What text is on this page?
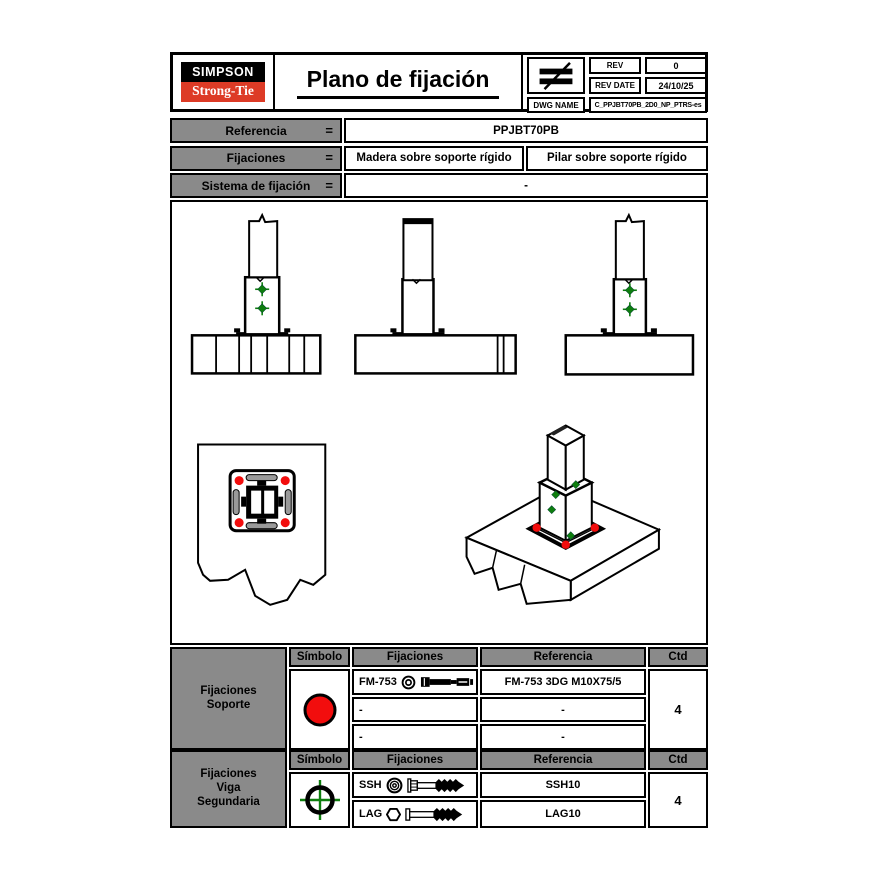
SIMPSON
Strong-Tie	Plano de fijación	REV	0
REV DATE	24/10/25
DWG NAME	C_PPJBT70PB_2D0_NP_PTRS-es
Referencia	=	PPJBT70PB
Fijaciones	=	Madera sobre soporte rígido	Pilar sobre soporte rígido
Sistema de fijación =	-
Fijaciones
Soporte
Símbolo	Fijaciones	Referencia	Ctd
FM-753	FM-753 3DG M10X75/5
-	-
-	-
4
Fijaciones
Viga
Segundaria
Símbolo	Fijaciones	Referencia	Ctd
SSH	SSH10
LAG	LAG10
4
